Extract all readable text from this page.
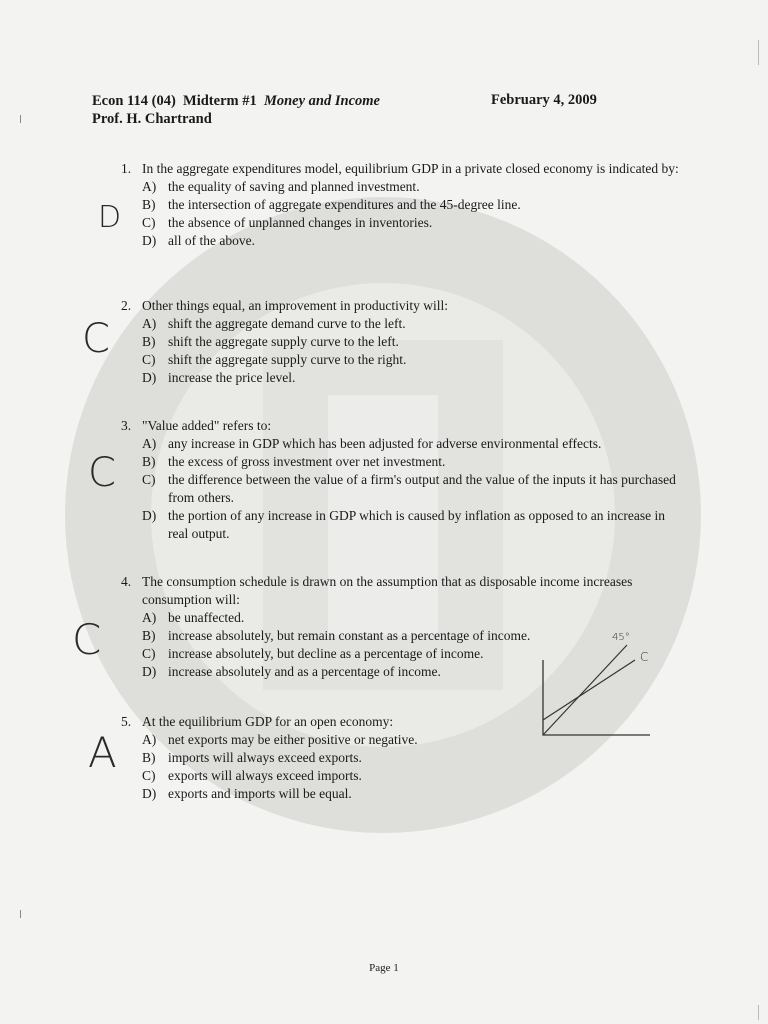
Econ 114 (04) Midterm #1 Money and Income
Prof. H. Chartrand
February 4, 2009
1. In the aggregate expenditures model, equilibrium GDP in a private closed economy is indicated by:
A) the equality of saving and planned investment.
B) the intersection of aggregate expenditures and the 45-degree line.
C) the absence of unplanned changes in inventories.
D) all of the above.
D
2. Other things equal, an improvement in productivity will:
A) shift the aggregate demand curve to the left.
B) shift the aggregate supply curve to the left.
C) shift the aggregate supply curve to the right.
D) increase the price level.
C
3. "Value added" refers to:
A) any increase in GDP which has been adjusted for adverse environmental effects.
B) the excess of gross investment over net investment.
C) the difference between the value of a firm's output and the value of the inputs it has purchased from others.
D) the portion of any increase in GDP which is caused by inflation as opposed to an increase in real output.
C
4. The consumption schedule is drawn on the assumption that as disposable income increases consumption will:
A) be unaffected.
B) increase absolutely, but remain constant as a percentage of income.
C) increase absolutely, but decline as a percentage of income.
D) increase absolutely and as a percentage of income.
C	45°
C
5. At the equilibrium GDP for an open economy:
A) net exports may be either positive or negative.
B) imports will always exceed exports.
C) exports will always exceed imports.
D) exports and imports will be equal.
A
Page 1
